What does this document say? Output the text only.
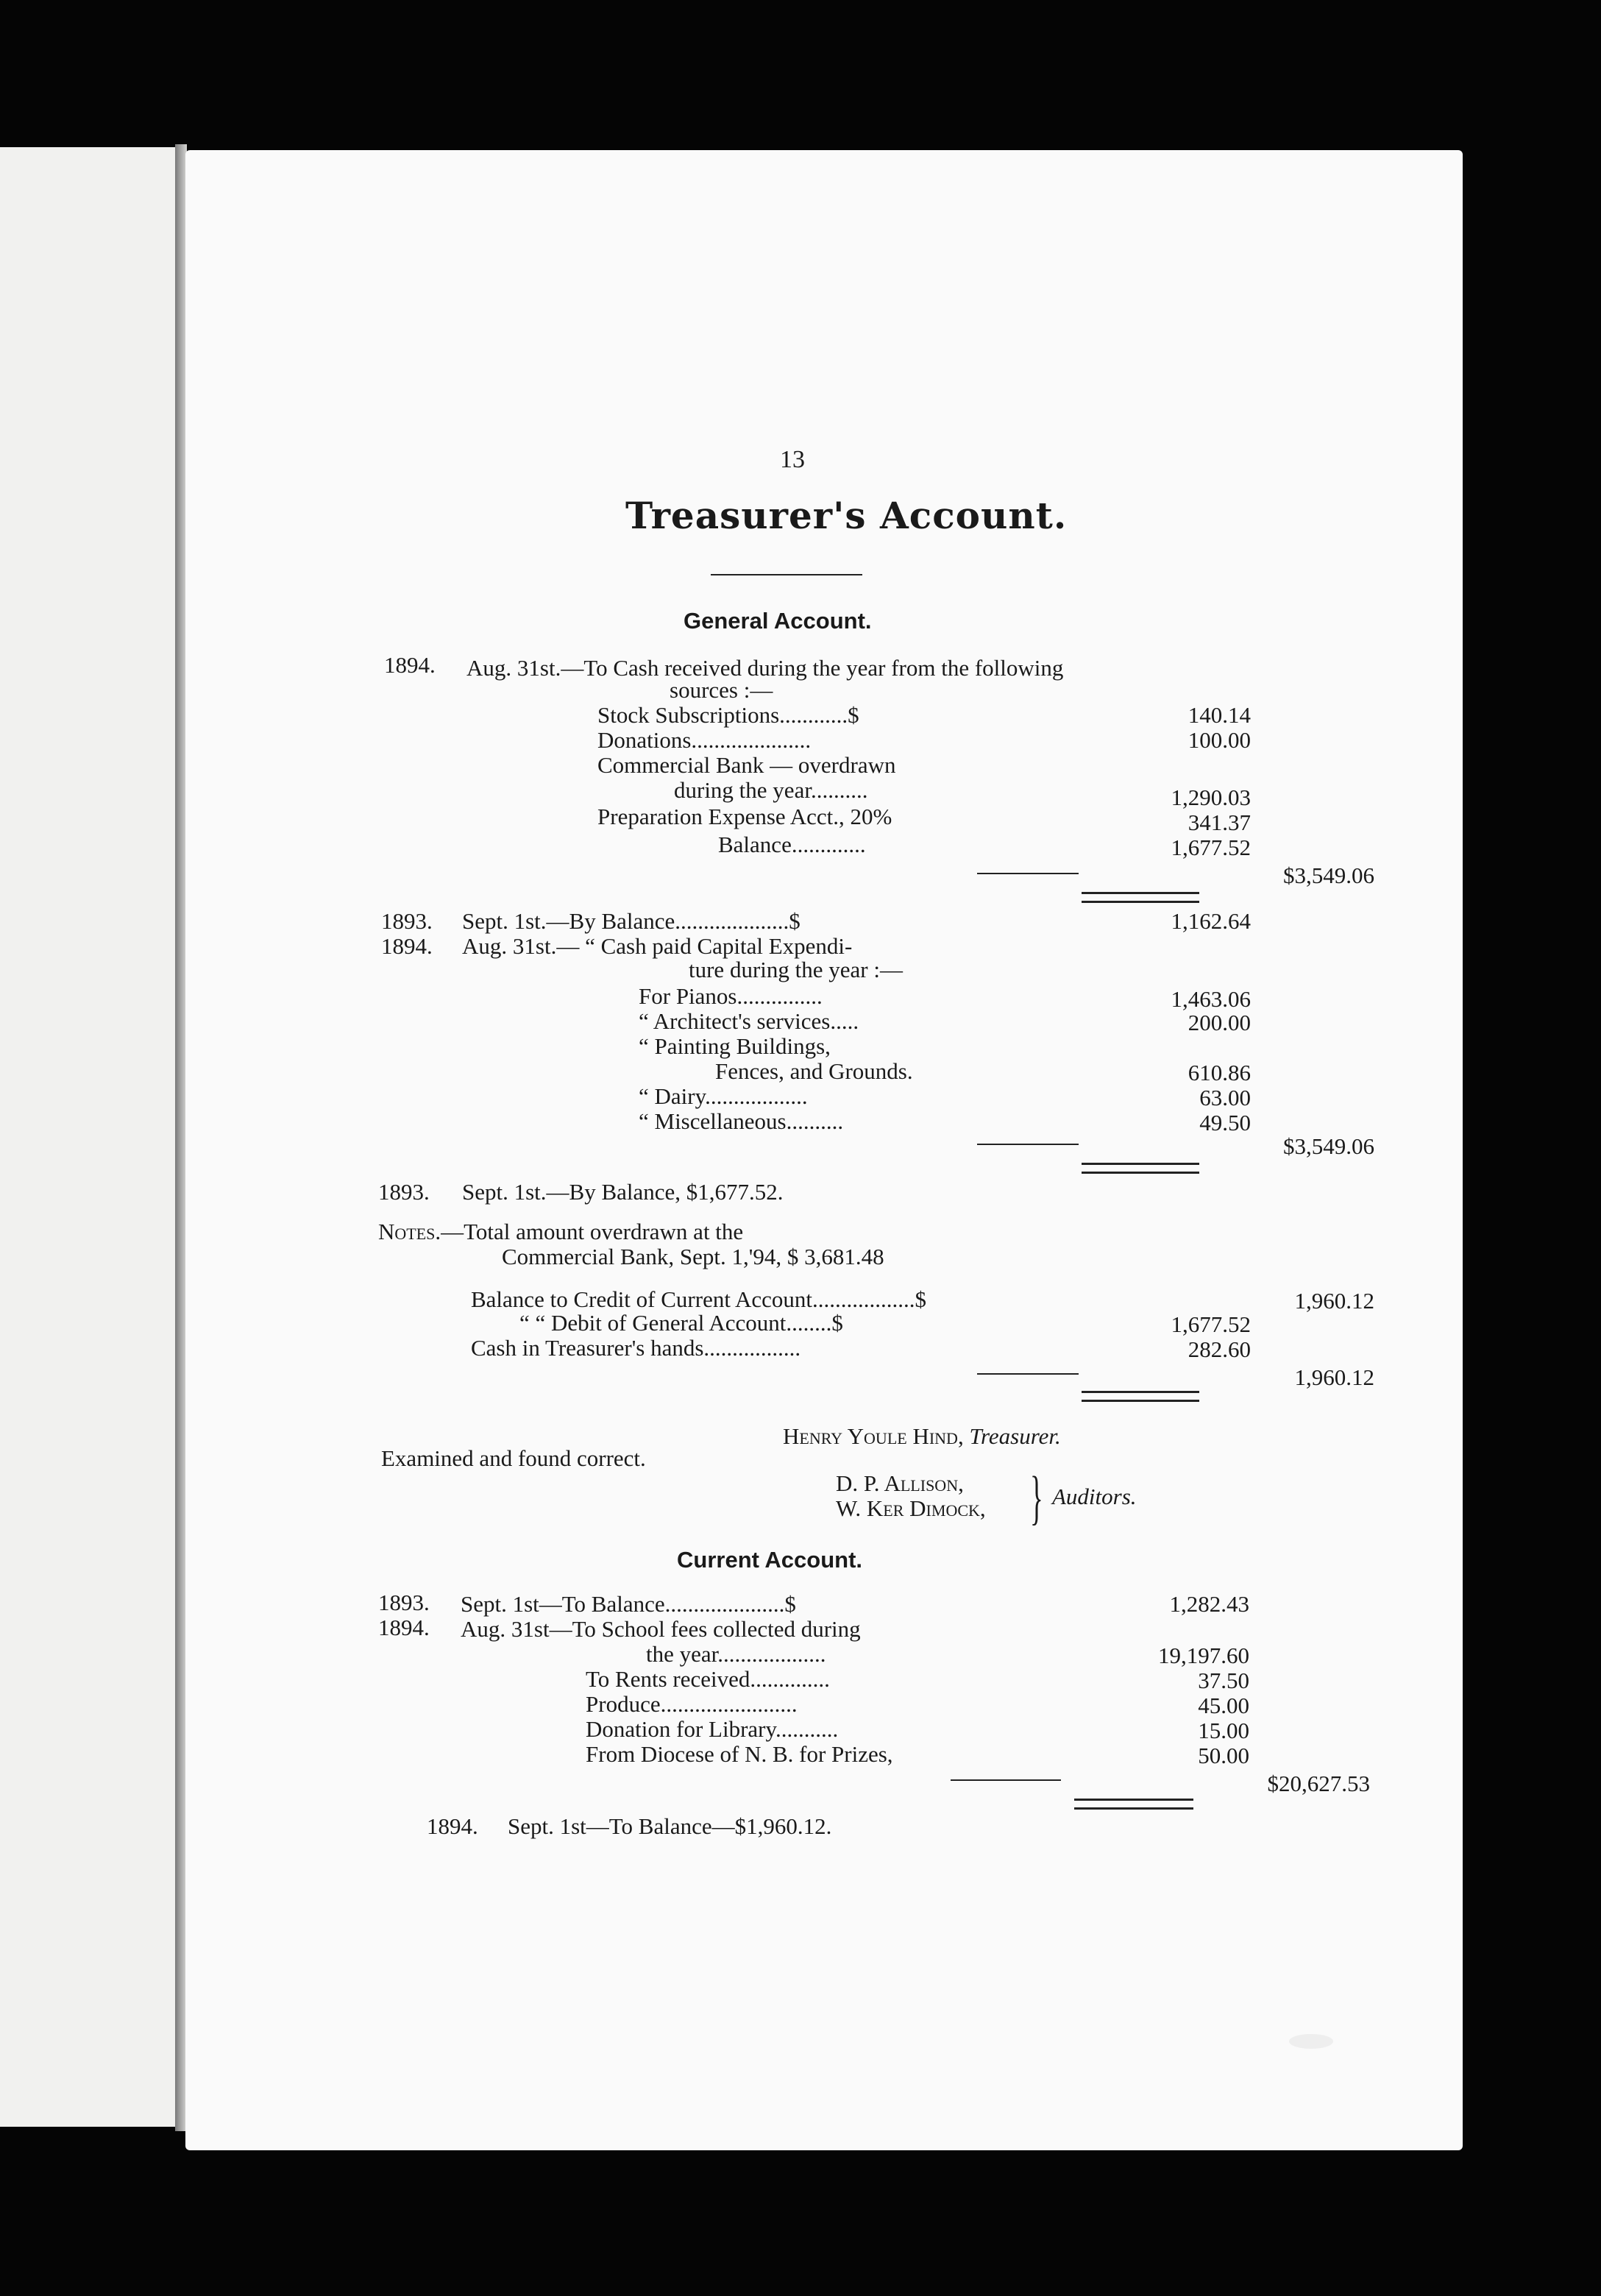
13
Treasurer's Account.
General Account.
1894. Aug. 31st.—To Cash received during the year from the following
sources :—
Stock Subscriptions............$	140.14
Donations.....................	100.00
Commercial Bank — overdrawn
during the year..........	1,290.03
Preparation Expense Acct., 20%	341.37
Balance.............	1,677.52
$3,549.06
1893. Sept. 1st.—By Balance....................$	1,162.64
1894. Aug. 31st.— “ Cash paid Capital Expendi-
ture during the year :—
For Pianos...............	1,463.06
“ Architect's services.....	200.00
“ Painting Buildings,
Fences, and Grounds.	610.86
“ Dairy..................	63.00
“ Miscellaneous..........	49.50
$3,549.06
1893. Sept. 1st.—By Balance, $1,677.52.
Notes.—Total amount overdrawn at the
Commercial Bank, Sept. 1,'94, $ 3,681.48
Balance to Credit of Current Account..................$	1,960.12
“ “ Debit of General Account........$	1,677.52
Cash in Treasurer's hands.................	282.60
1,960.12
Henry Youle Hind, Treasurer.
Examined and found correct.
D. P. Allison,
W. Ker Dimock, } Auditors.
Current Account.
1893. Sept. 1st—To Balance.....................$	1,282.43
1894. Aug. 31st—To School fees collected during
the year...................	19,197.60
To Rents received..............	37.50
Produce........................	45.00
Donation for Library...........	15.00
From Diocese of N. B. for Prizes,	50.00
$20,627.53
1894. Sept. 1st—To Balance—$1,960.12.
